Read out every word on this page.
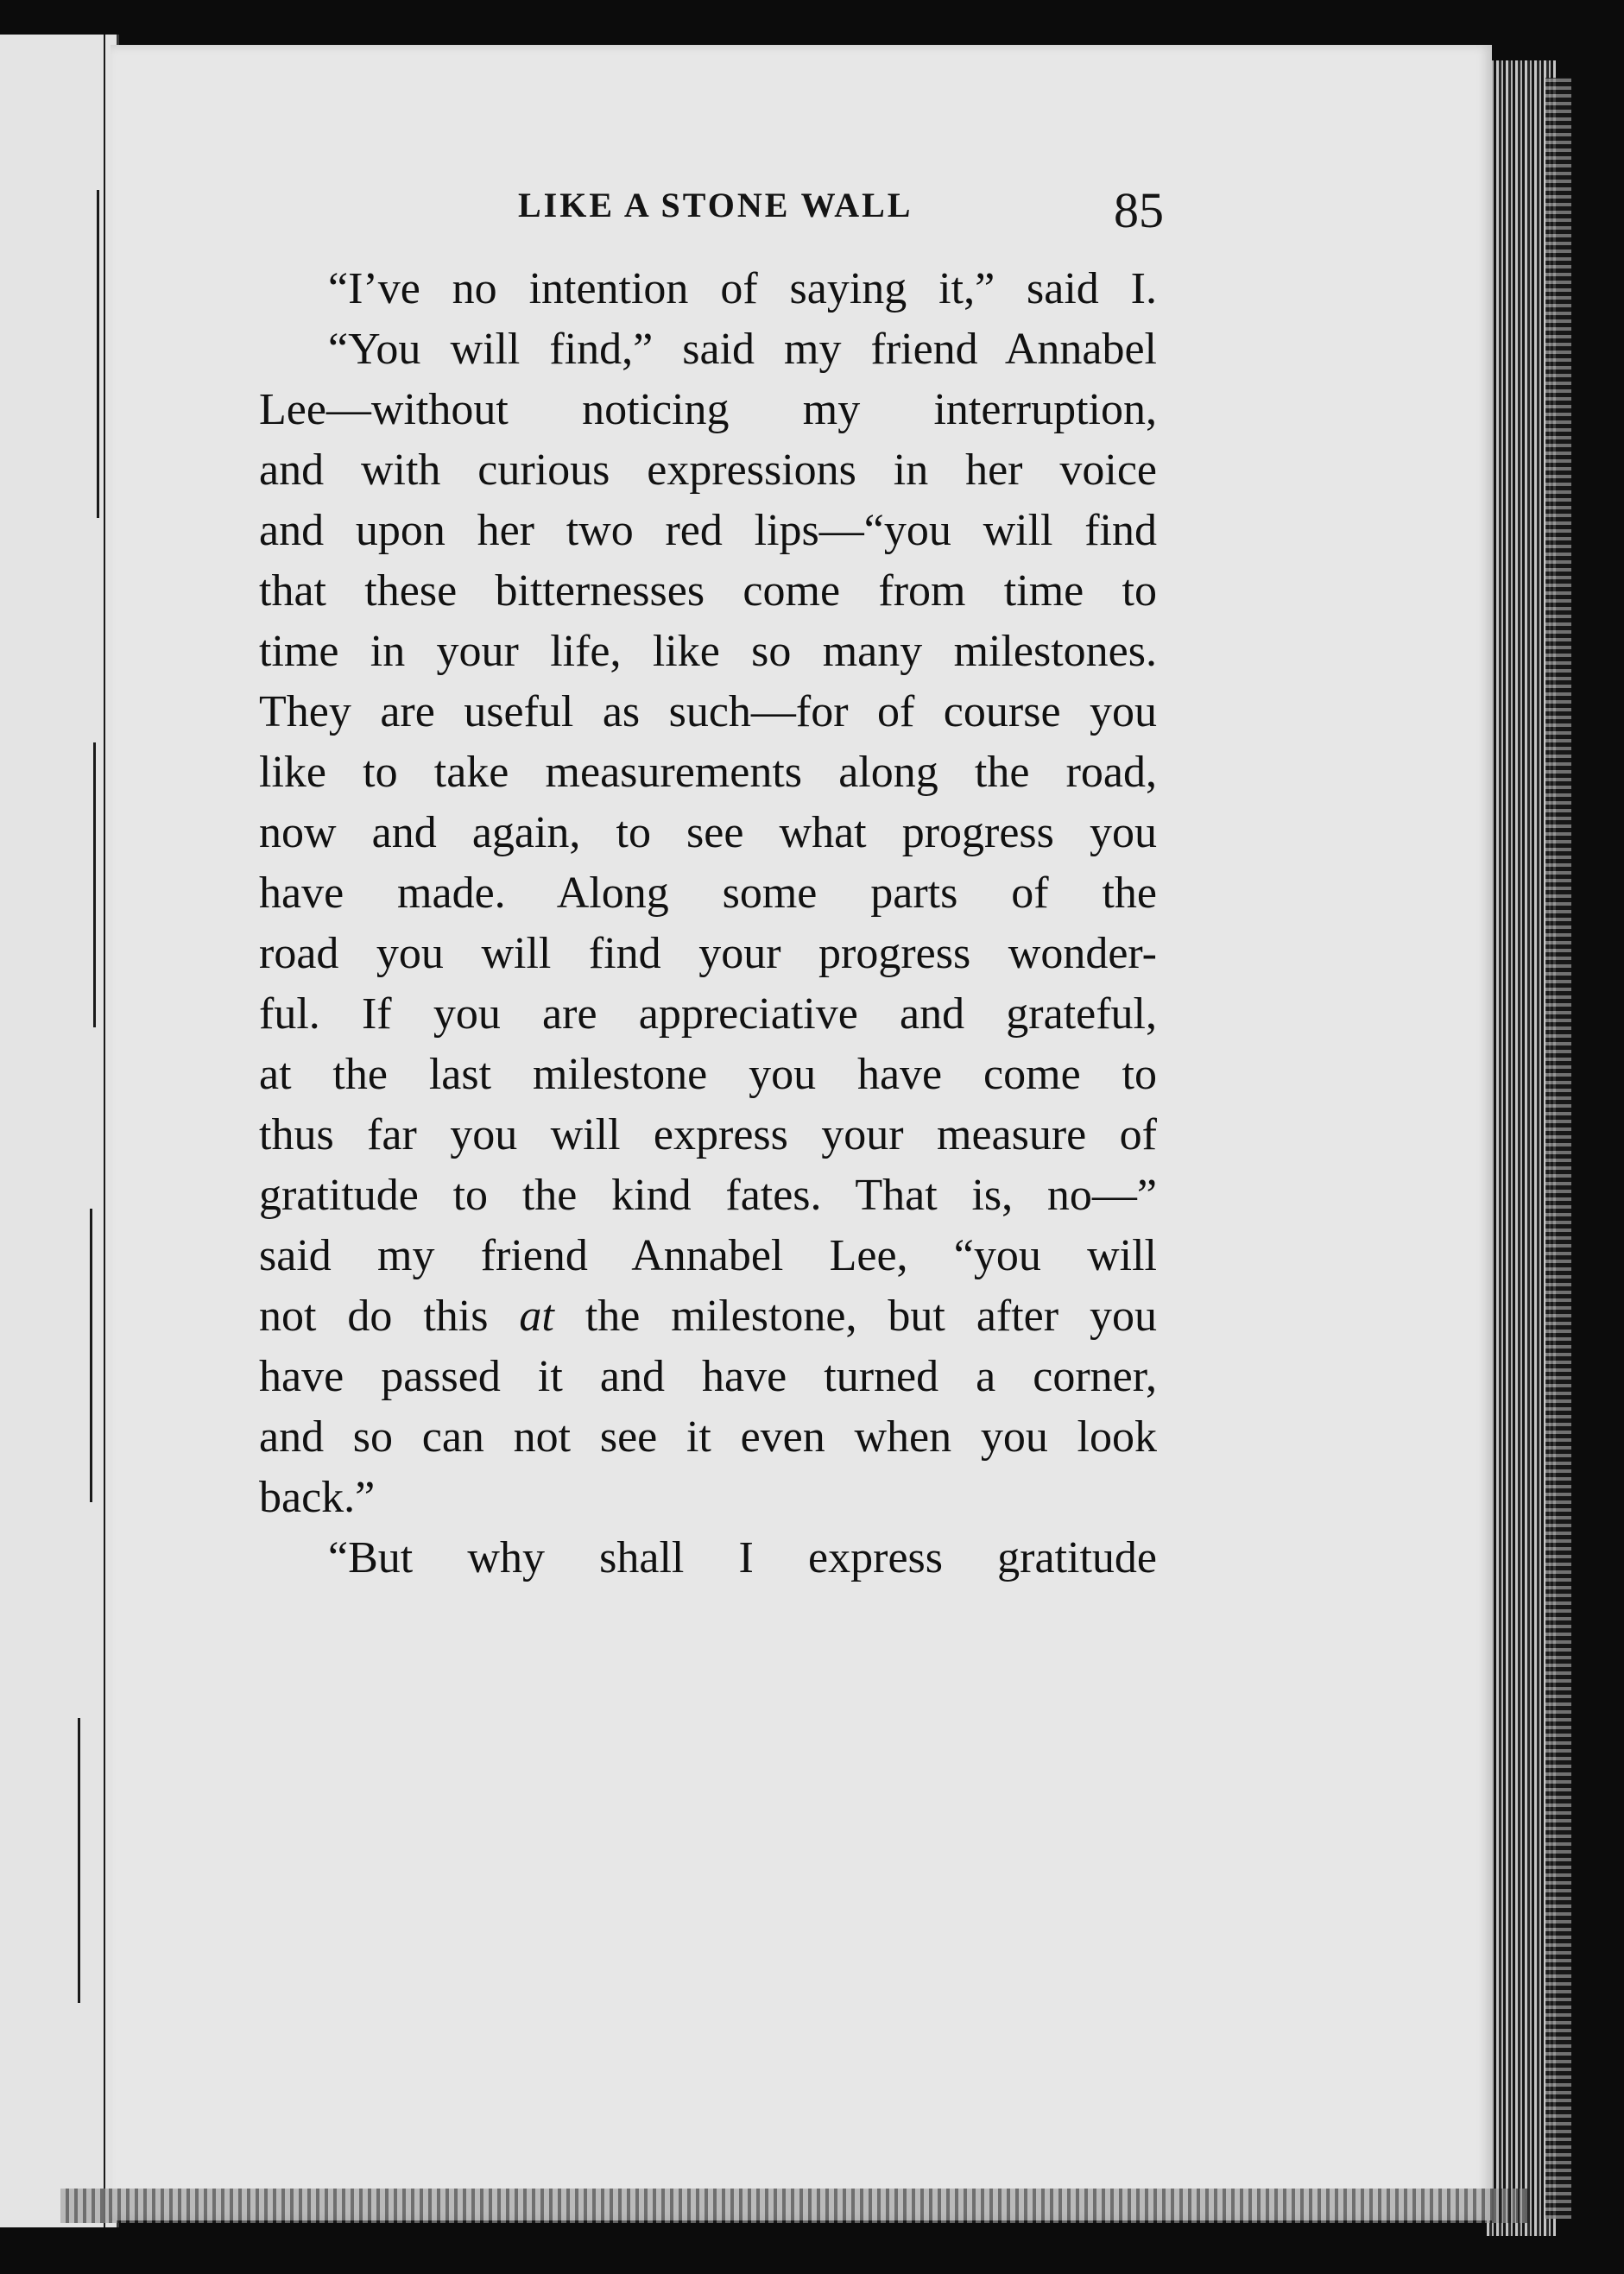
LIKE A STONE WALL	85
“I’ve no intention of saying it,” said I.
“You will find,” said my friend Annabel
Lee—without noticing my interruption,
and with curious expressions in her voice
and upon her two red lips—“you will find
that these bitternesses come from time to
time in your life, like so many milestones.
They are useful as such—for of course you
like to take measurements along the road,
now and again, to see what progress you
have made. Along some parts of the
road you will find your progress wonder-
ful. If you are appreciative and grateful,
at the last milestone you have come to
thus far you will express your measure of
gratitude to the kind fates. That is, no—”
said my friend Annabel Lee, “you will
not do this at the milestone, but after you
have passed it and have turned a corner,
and so can not see it even when you look
back.”
“But why shall I express gratitude
